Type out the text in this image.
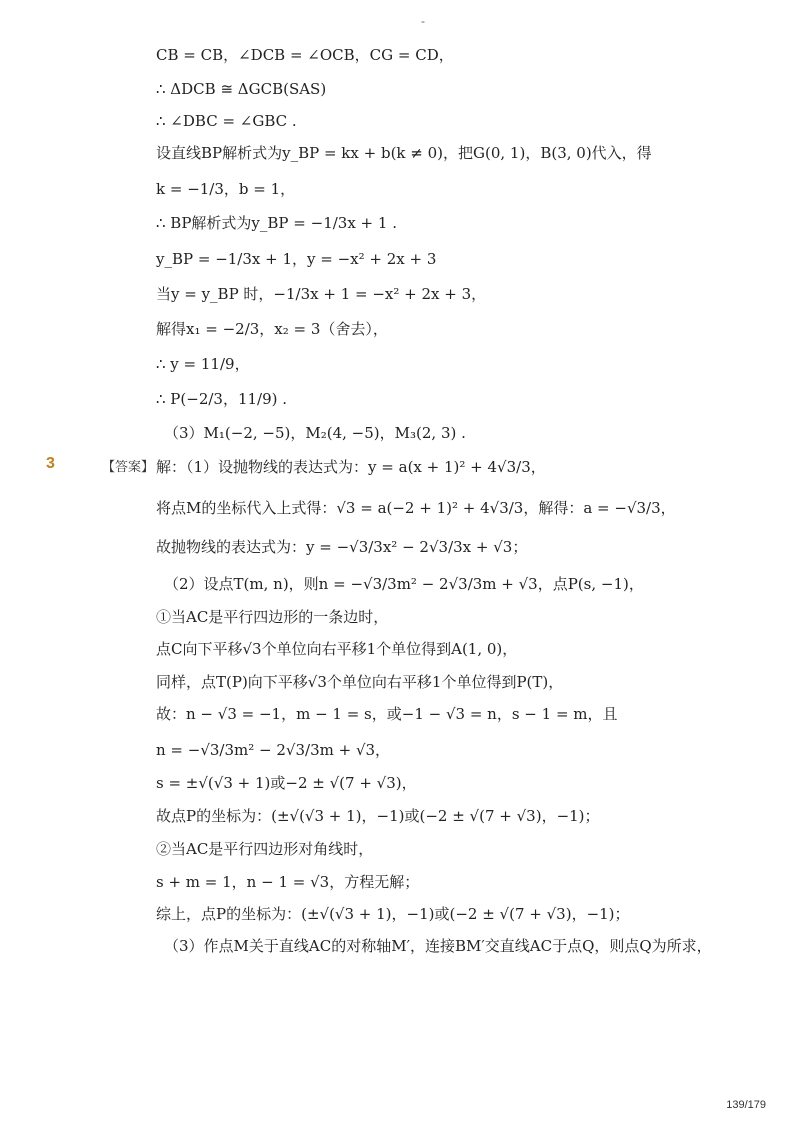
-
CB = CB，∠DCB = ∠OCB，CG = CD，
∴ ΔDCB ≅ ΔGCB(SAS)
∴ ∠DBC = ∠GBC .
设直线BP解析式为y_BP = kx + b(k ≠ 0)，把G(0, 1)，B(3, 0)代入，得
k = −1/3，b = 1，
∴ BP解析式为y_BP = −1/3x + 1 .
y_BP = −1/3x + 1，y = −x² + 2x + 3
当y = y_BP 时，−1/3x + 1 = −x² + 2x + 3，
解得x₁ = −2/3，x₂ = 3（舍去），
∴ y = 11/9，
∴ P(−2/3，11/9) .
（3）M₁(−2, −5)，M₂(4, −5)，M₃(2, 3) .
3	【答案】 解：（1）设抛物线的表达式为：y = a(x + 1)² + 4√3/3，
将点M的坐标代入上式得：√3 = a(−2 + 1)² + 4√3/3，解得：a = −√3/3，
故抛物线的表达式为：y = −√3/3x² − 2√3/3x + √3；
（2）设点T(m, n)，则n = −√3/3m² − 2√3/3m + √3，点P(s, −1)，
①当AC是平行四边形的一条边时，
点C向下平移√3个单位向右平移1个单位得到A(1, 0)，
同样，点T(P)向下平移√3个单位向右平移1个单位得到P(T)，
故：n − √3 = −1，m − 1 = s，或−1 − √3 = n，s − 1 = m，且
n = −√3/3m² − 2√3/3m + √3，
s = ±√(√3 + 1)或−2 ± √(7 + √3)，
故点P的坐标为：(±√(√3 + 1)，−1)或(−2 ± √(7 + √3)，−1)；
②当AC是平行四边形对角线时，
s + m = 1，n − 1 = √3，方程无解；
综上，点P的坐标为：(±√(√3 + 1)，−1)或(−2 ± √(7 + √3)，−1)；
（3）作点M关于直线AC的对称轴M′，连接BM′交直线AC于点Q，则点Q为所求，
139/179
